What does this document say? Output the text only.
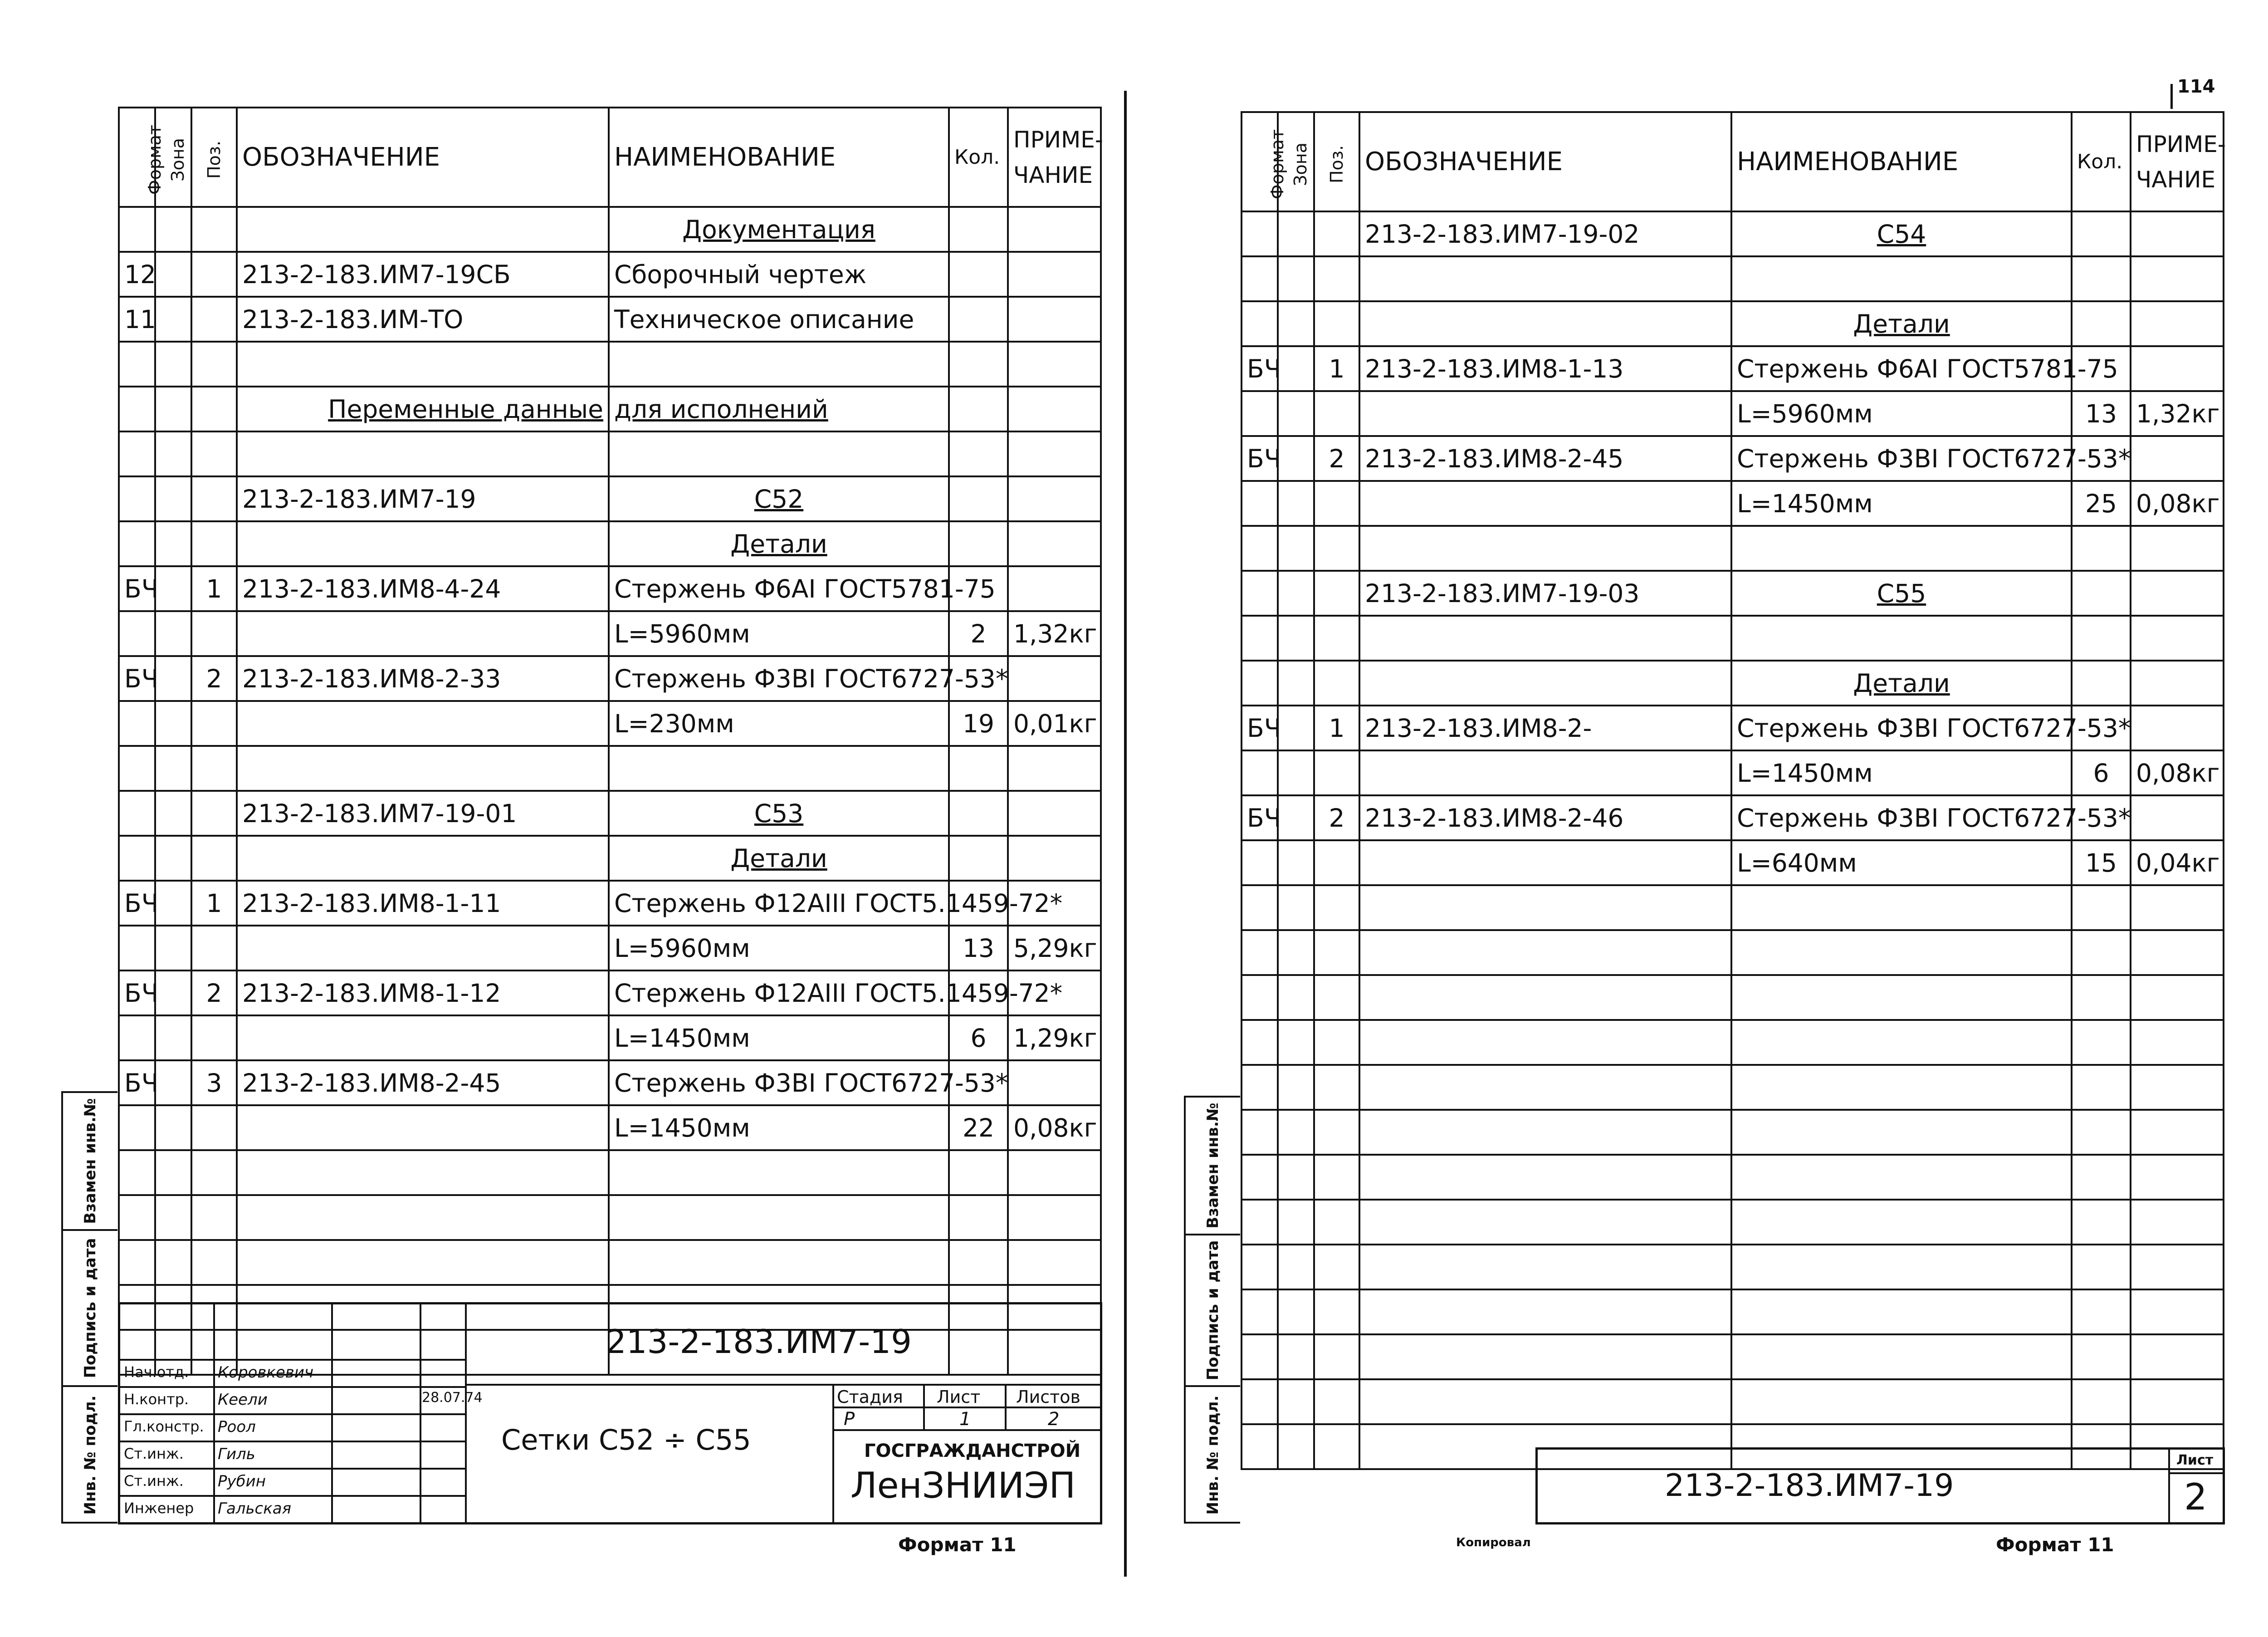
114
Формат	Зона	Поз.	ОБОЗНАЧЕНИЕ	НАИМЕНОВАНИЕ	Кол.	ПРИМЕ-
ЧАНИЕ
				Документация		
12			213-2-183.ИМ7-19СБ	Сборочный чертеж		
11			213-2-183.ИМ-ТО	Техническое описание		

			Переменные данные	для исполнений		

			213-2-183.ИМ7-19	С52		
				Детали		
БЧ		1	213-2-183.ИМ8-4-24	Стержень Ф6АI ГОСТ5781-75		
				L=5960мм	2	1,32кг
БЧ		2	213-2-183.ИМ8-2-33	Стержень Ф3ВI ГОСТ6727-53*		
				L=230мм	19	0,01кг

			213-2-183.ИМ7-19-01	С53		
				Детали		
БЧ		1	213-2-183.ИМ8-1-11	Стержень Ф12АIII ГОСТ5.1459-72*		
				L=5960мм	13	5,29кг
БЧ		2	213-2-183.ИМ8-1-12	Стержень Ф12АIII ГОСТ5.1459-72*		
				L=1450мм	6	1,29кг
БЧ		3	213-2-183.ИМ8-2-45	Стержень Ф3ВI ГОСТ6727-53*		
				L=1450мм	22	0,08кг

Взамен инв.№
Подпись и дата
Инв. № подл.
Нач.отд. Коровкевич
Н.контр. Кеели
Гл.констр. Роол
Ст.инж. Гиль
Ст.инж. Рубин
Инженер Гальская
28.07.74
213-2-183.ИМ7-19
Сетки С52 ÷ С55
Стадия Лист Листов
Р	1	2
ГОСГРАЖДАНСТРОЙ
ЛенЗНИИЭП
Формат 11
Формат	Зона	Поз.	ОБОЗНАЧЕНИЕ	НАИМЕНОВАНИЕ	Кол.	ПРИМЕ-
ЧАНИЕ
			213-2-183.ИМ7-19-02	С54		

				Детали		
БЧ		1	213-2-183.ИМ8-1-13	Стержень Ф6АI ГОСТ5781-75		
				L=5960мм	13	1,32кг
БЧ		2	213-2-183.ИМ8-2-45	Стержень Ф3ВI ГОСТ6727-53*		
				L=1450мм	25	0,08кг

			213-2-183.ИМ7-19-03	С55		

				Детали		
БЧ		1	213-2-183.ИМ8-2-	Стержень Ф3ВI ГОСТ6727-53*		
				L=1450мм	6	0,08кг
БЧ		2	213-2-183.ИМ8-2-46	Стержень Ф3ВI ГОСТ6727-53*		
				L=640мм	15	0,04кг

Взамен инв.№
Подпись и дата
Инв. № подл.	213-2-183.ИМ7-19
Лист
2
Копировал	Формат 11
